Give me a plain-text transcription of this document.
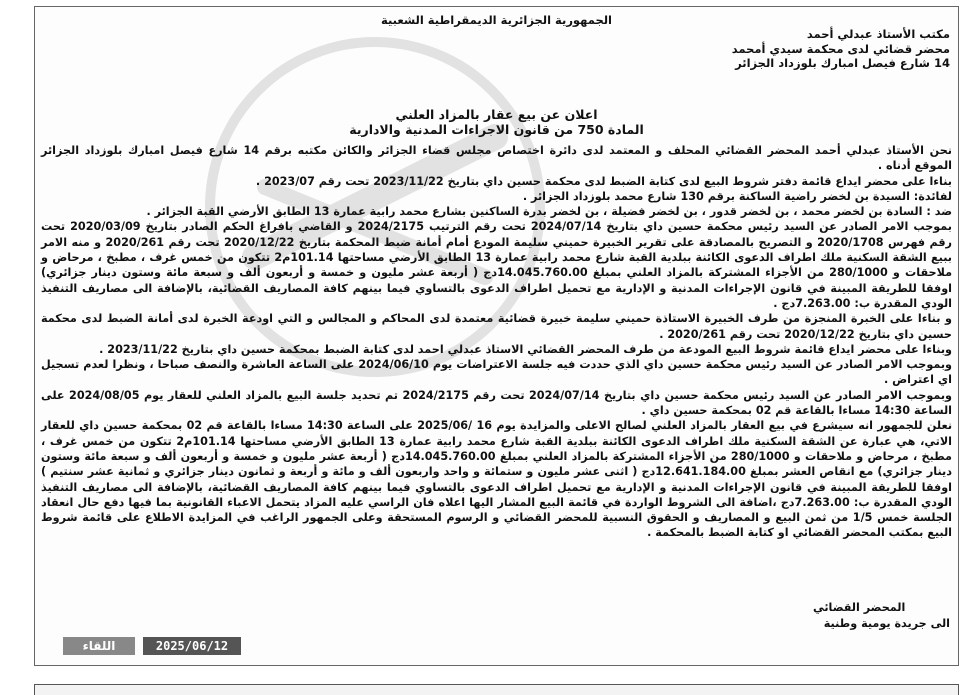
الجمهورية الجزائرية الديمقراطية الشعبية
مكتب الأستاذ عبدلي أحمد
محضر قضائي لدى محكمة سيدي أمحمد
14 شارع فيصل امبارك بلوزداد الجزائر
اعلان عن بيع عقار بالمزاد العلني
المادة 750 من قانون الاجراءات المدنية والادارية

نحن الأستاذ عبدلي أحمد المحضر القضائي المحلف و المعتمد لدى دائرة اختصاص مجلس قضاء الجزائر والكائن مكتبه برقم 14 شارع فيصل امبارك بلوزداد الجزائر الموقع أدناه .

بناءا على محضر ايداع قائمة دفتر شروط البيع لدى كتابة الضبط لدى محكمة حسين داي بتاريخ 2023/11/22 تحت رقم 2023/07 .

لفائدة: السيدة بن لخضر راضية الساكنة برقم 130 شارع محمد بلوزداد الجزائر .

ضد : السادة بن لخضر محمد ، بن لخضر قدور ، بن لخضر فضيلة ، بن لخضر بدرة الساكنين بشارع محمد رابية عمارة 13 الطابق الأرضي القبة الجزائر .

بموجب الامر الصادر عن السيد رئيس محكمة حسين داي بتاريخ 2024/07/14 تحت رقم الترتيب 2024/2175 و القاضي بافراغ الحكم الصادر بتاريخ 2020/03/09 تحت رقم فهرس 2020/1708 و التصريح بالمصادقة على تقرير الخبيرة حميني سليمة المودع أمام أمانة ضبط المحكمة بتاريخ 2020/12/22 تحت رقم 2020/261 و منه الامر ببيع الشقة السكنية ملك اطراف الدعوى الكائنة ببلدية القبة شارع محمد رابية عمارة 13 الطابق الأرضي مساحتها 101.14م2 تتكون من خمس غرف ، مطبخ ، مرحاض و ملاحقات و 280/1000 من الأجزاء المشتركة بالمزاد العلني بمبلغ 14.045.760.00دج ( أربعة عشر مليون و خمسة و أربعون ألف و سبعة مائة وستون دينار جزائري) اوفقا للطريقة المبينة في قانون الإجراءات المدنية و الإدارية مع تحميل اطراف الدعوى بالتساوي فيما بينهم كافة المصاريف القضائية، بالإضافة الى مصاريف التنفيذ الودي المقدرة ب: 7.263.00دج .

و بناءا على الخبرة المنجزة من طرف الخبيرة الاستاذة حميني سليمة خبيرة قضائية معتمدة لدى المحاكم و المجالس و التي اودعة الخبرة لدى أمانة الضبط لدى محكمة حسين داي بتاريخ 2020/12/22 تحت رقم 2020/261 .

وبناءا على محضر ايداع قائمة شروط البيع المودعة من طرف المحضر القضائي الاستاذ عبدلي احمد لدى كتابة الضبط بمحكمة حسين داي بتاريخ 2023/11/22 .

وبموجب الامر الصادر عن السيد رئيس محكمة حسين داي الذي حددت فيه جلسة الاعتراضات يوم 2024/06/10 على الساعة العاشرة والنصف صباحا ، ونظرا لعدم تسجيل اي اعتراض .

وبموجب الامر الصادر عن السيد رئيس محكمة حسين داي بتاريخ 2024/07/14 تحت رقم 2024/2175 تم تحديد جلسة البيع بالمزاد العلني للعقار يوم 2024/08/05 على الساعة 14:30 مساءا بالقاعة قم 02 بمحكمة حسين داي .

نعلن للجمهور انه سيشرع في بيع العقار بالمزاد العلني لصالح الاعلى والمزايدة يوم 16 /2025/06 على الساعة 14:30 مساءا بالقاعة قم 02 بمحكمة حسين داي للعقار الاتي، هي عبارة عن الشقة السكنية ملك اطراف الدعوى الكائنة ببلدية القبة شارع محمد رابية عمارة 13 الطابق الأرضي مساحتها 101.14م2 تتكون من خمس غرف ، مطبخ ، مرحاض و ملاحقات و 280/1000 من الأجزاء المشتركة بالمزاد العلني بمبلغ 14.045.760.00دج ( أربعة عشر مليون و خمسة و أربعون ألف و سبعة مائة وستون دينار جزائري) مع انقاص العشر بمبلغ 12.641.184.00دج ( اثنى عشر مليون و ستمائة و واحد واربعون ألف و مائة و أربعة و ثمانون دينار جزائري و ثمانية عشر سنتيم ) اوفقا للطريقة المبينة في قانون الإجراءات المدنية و الإدارية مع تحميل اطراف الدعوى بالتساوي فيما بينهم كافة المصاريف القضائية، بالإضافة الى مصاريف التنفيذ الودي المقدرة ب: 7.263.00دج ،اضافة الى الشروط الواردة في قائمة البيع المشار اليها اعلاه فان الراسي عليه المزاد يتحمل الاعباء القانونية بما فيها دفع حال انعقاد الجلسة خمس 1/5 من ثمن البيع و المصاريف و الحقوق النسبية للمحضر القضائي و الرسوم المستحقة وعلى الجمهور الراغب في المزايدة الاطلاع على قائمة شروط البيع بمكتب المحضر القضائي او كتابة الضبط بالمحكمة .

المحضر القضائي
الى جريدة يومية وطنية
2025/06/12
اللقاء
